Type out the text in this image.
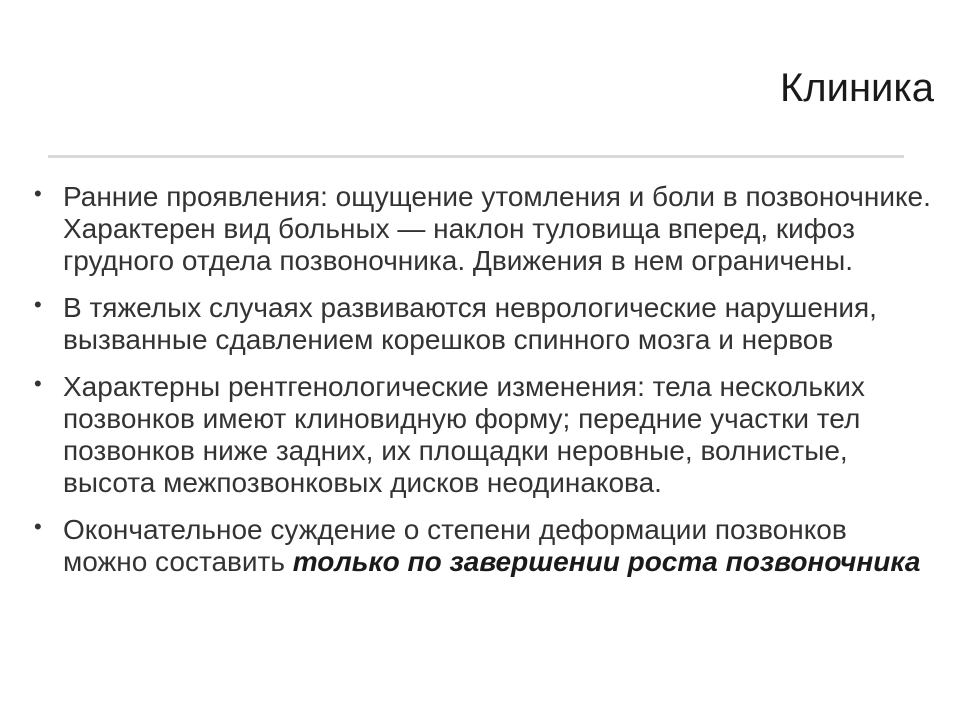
Клиника
• Ранние проявления: ощущение утомления и боли в позвоночнике. Характерен вид больных — наклон туловища вперед, кифоз грудного отдела позвоночника. Движения в нем ограничены.
• В тяжелых случаях развиваются неврологические нарушения, вызванные сдавлением корешков спинного мозга и нервов
• Характерны рентгенологические изменения: тела нескольких позвонков имеют клиновидную форму; передние участки тел позвонков ниже задних, их площадки неровные, волнистые, высота межпозвонковых дисков неодинакова.
• Окончательное суждение о степени деформации позвонков можно составить только по завершении роста позвоночника
